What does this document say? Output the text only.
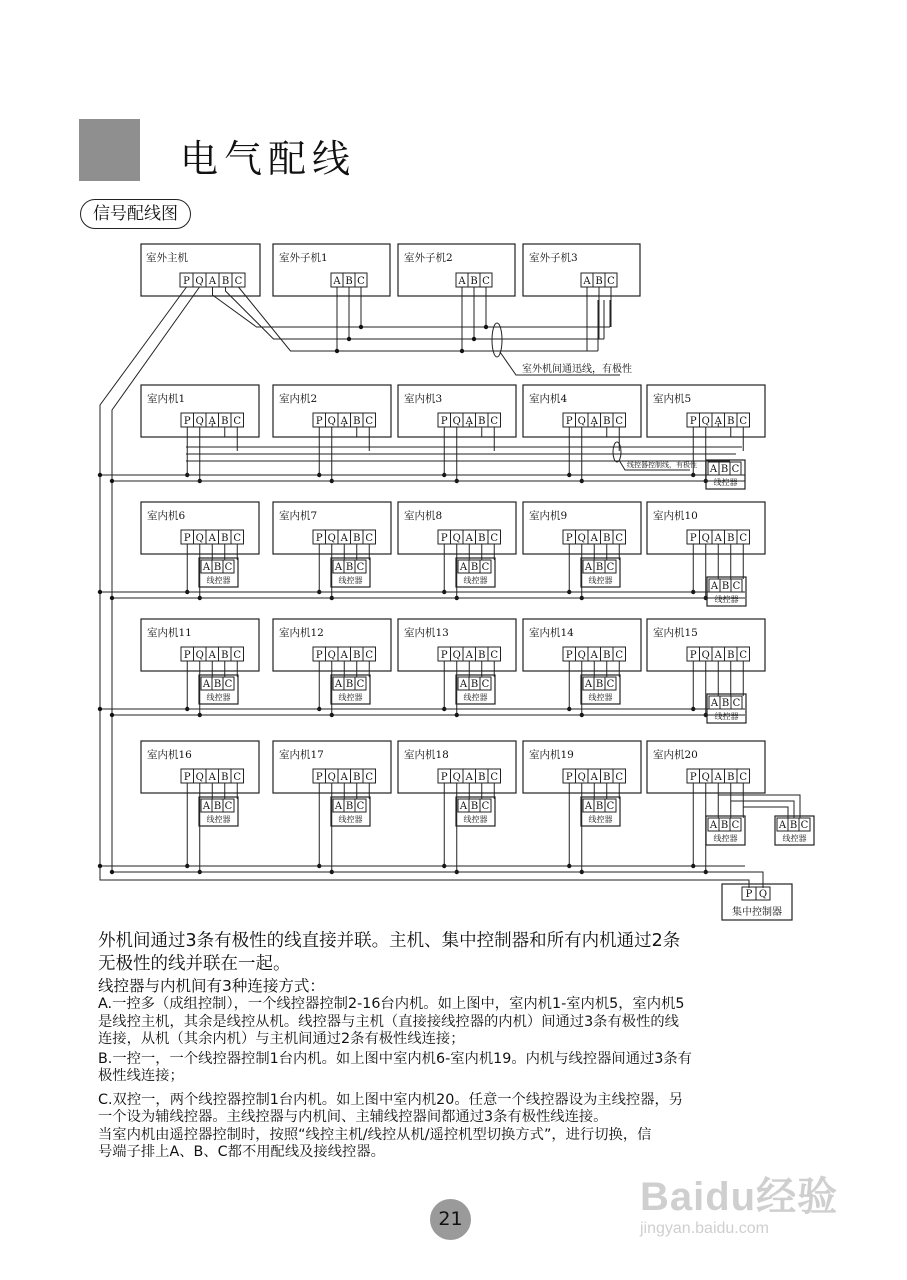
电气配线
信号配线图
室外主机
P Q A B C
室外子机1
A B C
室外子机2
A B C
室外子机3
A B C
室外机间通迅线，有极性
室内机1
P Q A B C
室内机2
P Q A B C
室内机3
P Q A B C
室内机4
P Q A B C
室内机5
P Q A B C
室内机6
P Q A B C
A B C
线控器
室内机7
P Q A B C
A B C
线控器
室内机8
P Q A B C
A B C
线控器
室内机9
P Q A B C
A B C
线控器
室内机10
P Q A B C
A B C
线控器
室内机11
P Q A B C
A B C
线控器
室内机12
P Q A B C
A B C
线控器
室内机13
P Q A B C
A B C
线控器
室内机14
P Q A B C
A B C
线控器
室内机15
P Q A B C
A B C
线控器
室内机16
P Q A B C
A B C
线控器
室内机17
P Q A B C
A B C
线控器
室内机18
P Q A B C
A B C
线控器
室内机19
P Q A B C
A B C
线控器
室内机20
P Q A B C
A B C
线控器
A B C
线控器
A B C
线控器
线控器控制线，有极性
P Q
集中控制器

外机间通过3条有极性的线直接并联。主机、集中控制器和所有内机通过2条

无极性的线并联在一起。

线控器与内机间有3种连接方式：

A.一控多（成组控制），一个线控器控制2-16台内机。如上图中，室内机1-室内机5，室内机5

是线控主机，其余是线控从机。线控器与主机（直接接线控器的内机）间通过3条有极性的线

连接，从机（其余内机）与主机间通过2条有极性线连接；

B.一控一，一个线控器控制1台内机。如上图中室内机6-室内机19。内机与线控器间通过3条有

极性线连接；

C.双控一，两个线控器控制1台内机。如上图中室内机20。任意一个线控器设为主线控器，另

一个设为辅线控器。主线控器与内机间、主辅线控器间都通过3条有极性线连接。

当室内机由遥控器控制时，按照“线控主机/线控从机/遥控机型切换方式”，进行切换，信

号端子排上A、B、C都不用配线及接线控器。

21	Baidu经验
jingyan.baidu.com
